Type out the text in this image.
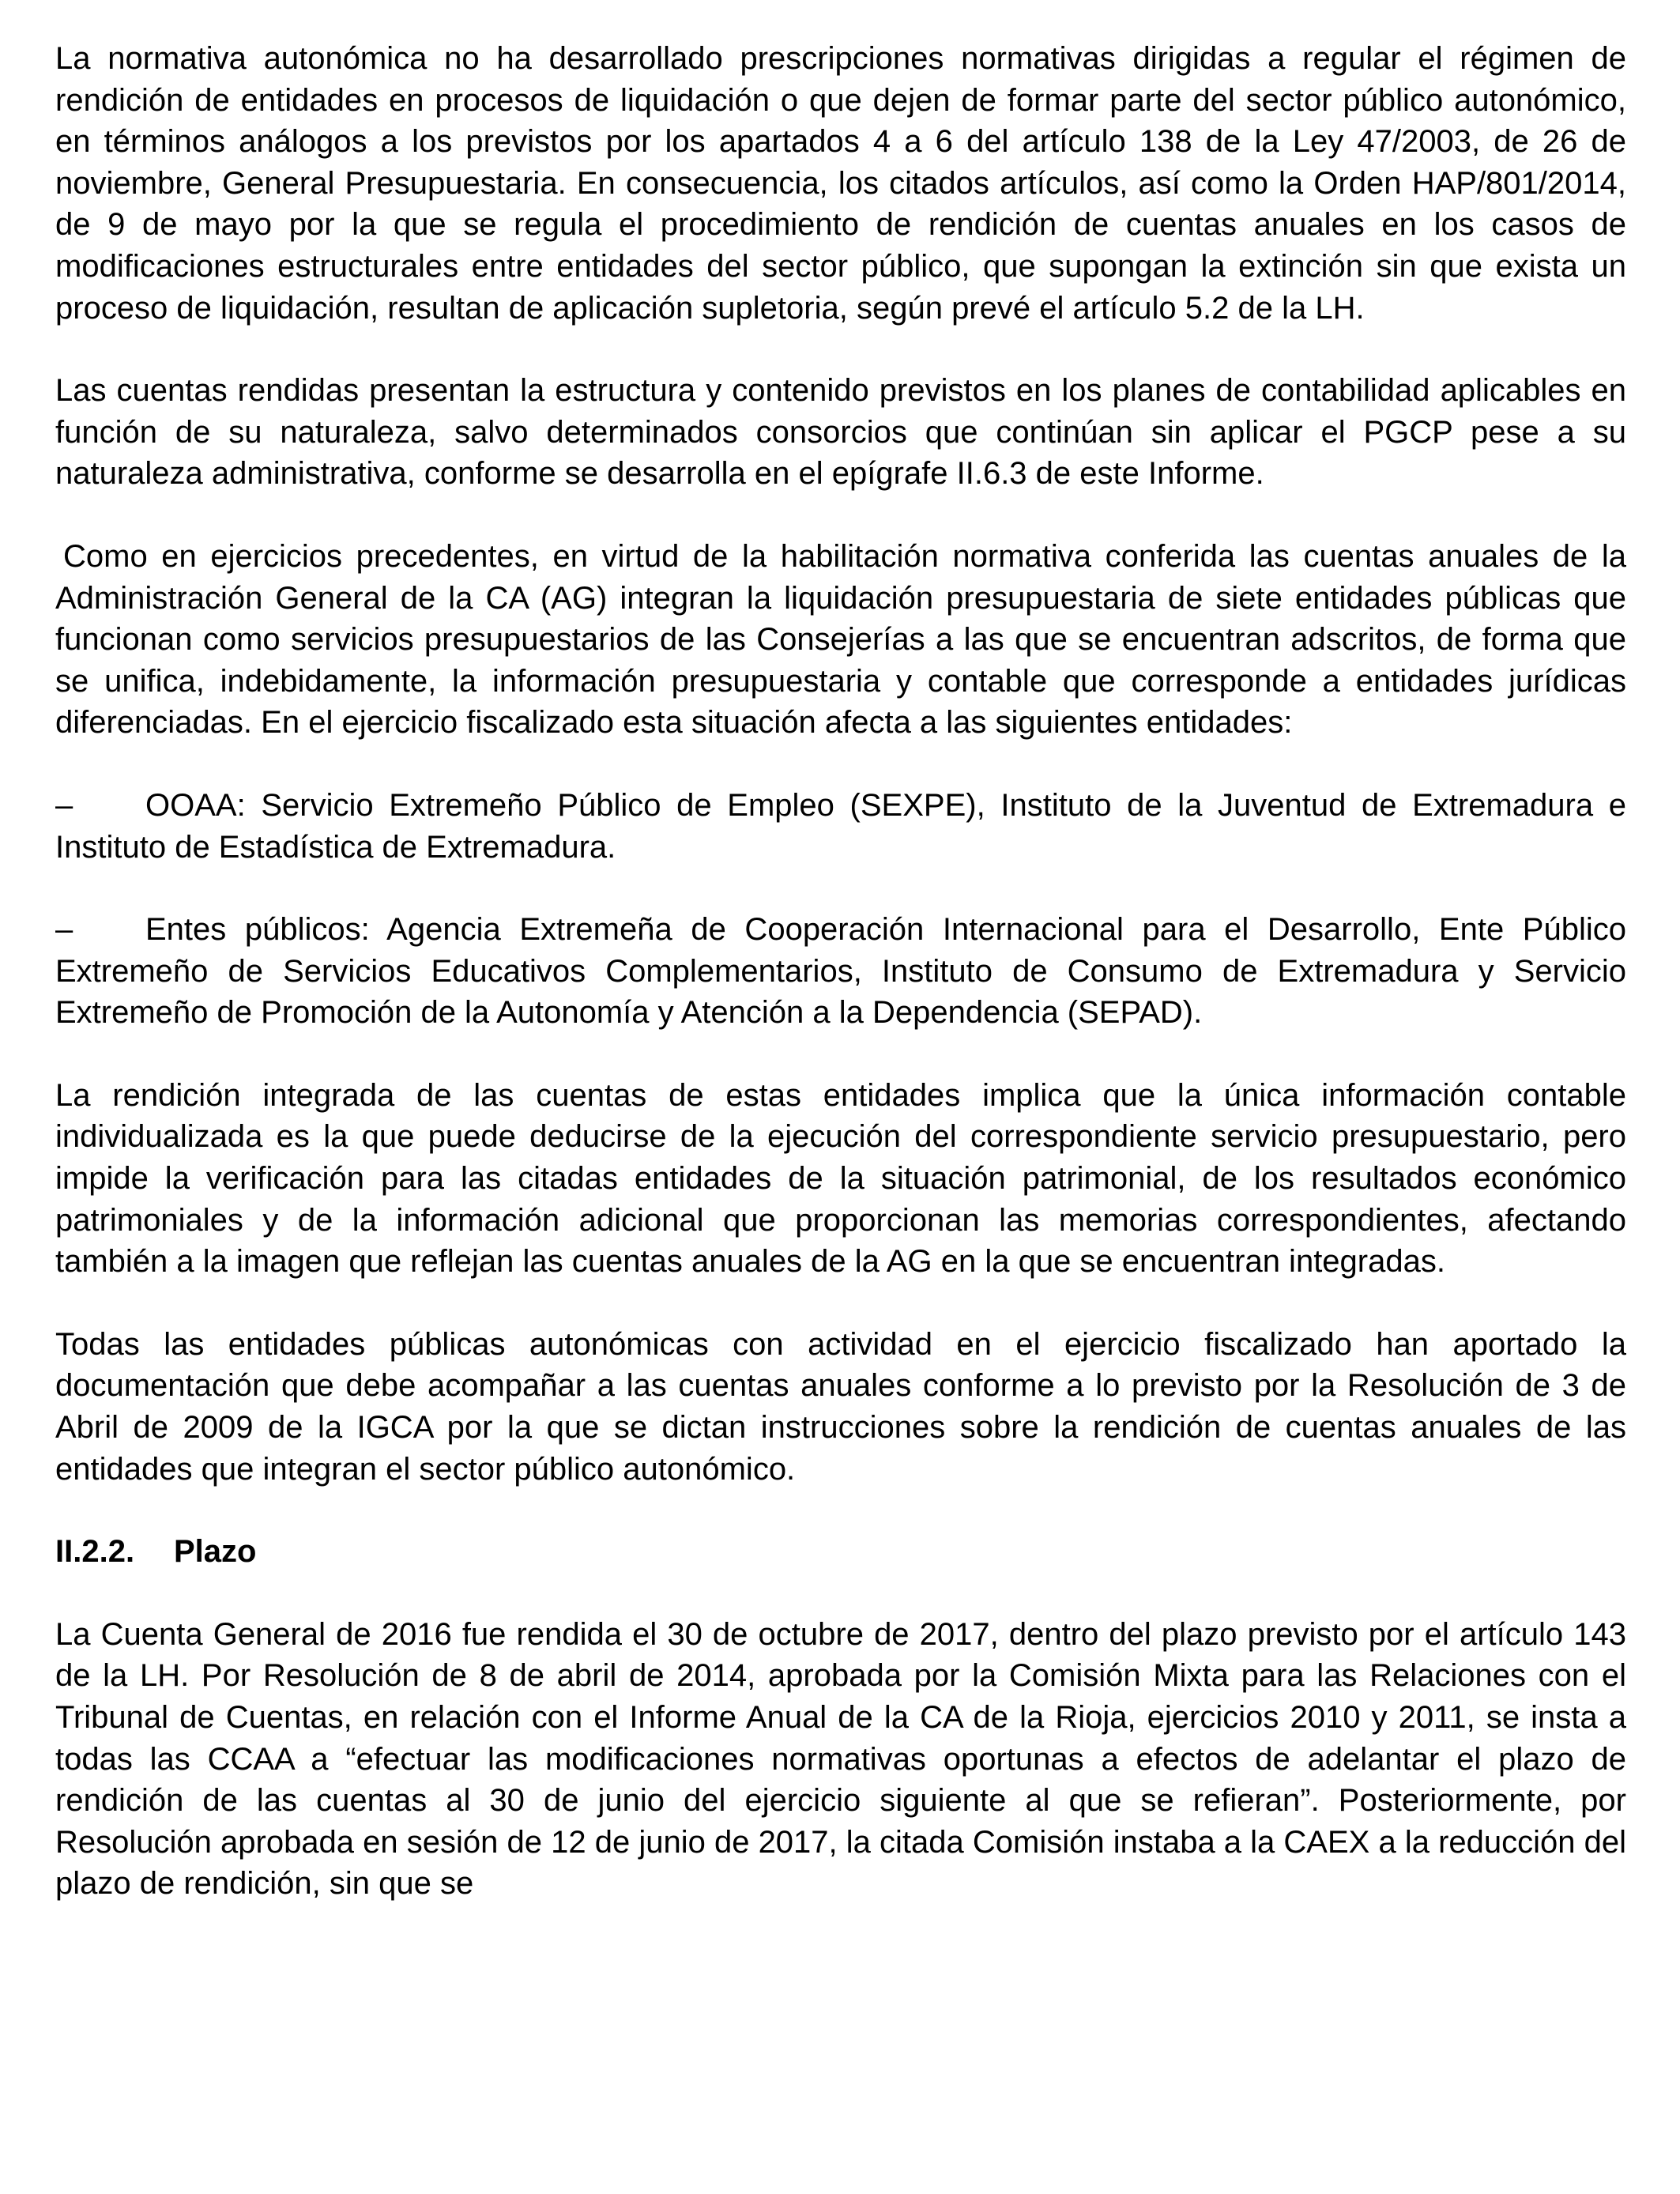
La normativa autonómica no ha desarrollado prescripciones normativas dirigidas a regular el régimen de rendición de entidades en procesos de liquidación o que dejen de formar parte del sector público autonómico, en términos análogos a los previstos por los apartados 4 a 6 del artículo 138 de la Ley 47/2003, de 26 de noviembre, General Presupuestaria. En consecuencia, los citados artículos, así como la Orden HAP/801/2014, de 9 de mayo por la que se regula el procedimiento de rendición de cuentas anuales en los casos de modificaciones estructurales entre entidades del sector público, que supongan la extinción sin que exista un proceso de liquidación, resultan de aplicación supletoria, según prevé el artículo 5.2 de la LH.

Las cuentas rendidas presentan la estructura y contenido previstos en los planes de contabilidad aplicables en función de su naturaleza, salvo determinados consorcios que continúan sin aplicar el PGCP pese a su naturaleza administrativa, conforme se desarrolla en el epígrafe II.6.3 de este Informe.

Como en ejercicios precedentes, en virtud de la habilitación normativa conferida las cuentas anuales de la Administración General de la CA (AG) integran la liquidación presupuestaria de siete entidades públicas que funcionan como servicios presupuestarios de las Consejerías a las que se encuentran adscritos, de forma que se unifica, indebidamente, la información presupuestaria y contable que corresponde a entidades jurídicas diferenciadas. En el ejercicio fiscalizado esta situación afecta a las siguientes entidades:

– OOAA: Servicio Extremeño Público de Empleo (SEXPE), Instituto de la Juventud de Extremadura e Instituto de Estadística de Extremadura.
– Entes públicos: Agencia Extremeña de Cooperación Internacional para el Desarrollo, Ente Público Extremeño de Servicios Educativos Complementarios, Instituto de Consumo de Extremadura y Servicio Extremeño de Promoción de la Autonomía y Atención a la Dependencia (SEPAD).

La rendición integrada de las cuentas de estas entidades implica que la única información contable individualizada es la que puede deducirse de la ejecución del correspondiente servicio presupuestario, pero impide la verificación para las citadas entidades de la situación patrimonial, de los resultados económico patrimoniales y de la información adicional que proporcionan las memorias correspondientes, afectando también a la imagen que reflejan las cuentas anuales de la AG en la que se encuentran integradas.

Todas las entidades públicas autonómicas con actividad en el ejercicio fiscalizado han aportado la documentación que debe acompañar a las cuentas anuales conforme a lo previsto por la Resolución de 3 de Abril de 2009 de la IGCA por la que se dictan instrucciones sobre la rendición de cuentas anuales de las entidades que integran el sector público autonómico.

II.2.2. Plazo

La Cuenta General de 2016 fue rendida el 30 de octubre de 2017, dentro del plazo previsto por el artículo 143 de la LH. Por Resolución de 8 de abril de 2014, aprobada por la Comisión Mixta para las Relaciones con el Tribunal de Cuentas, en relación con el Informe Anual de la CA de la Rioja, ejercicios 2010 y 2011, se insta a todas las CCAA a “efectuar las modificaciones normativas oportunas a efectos de adelantar el plazo de rendición de las cuentas al 30 de junio del ejercicio siguiente al que se refieran”. Posteriormente, por Resolución aprobada en sesión de 12 de junio de 2017, la citada Comisión instaba a la CAEX a la reducción del plazo de rendición, sin que se
